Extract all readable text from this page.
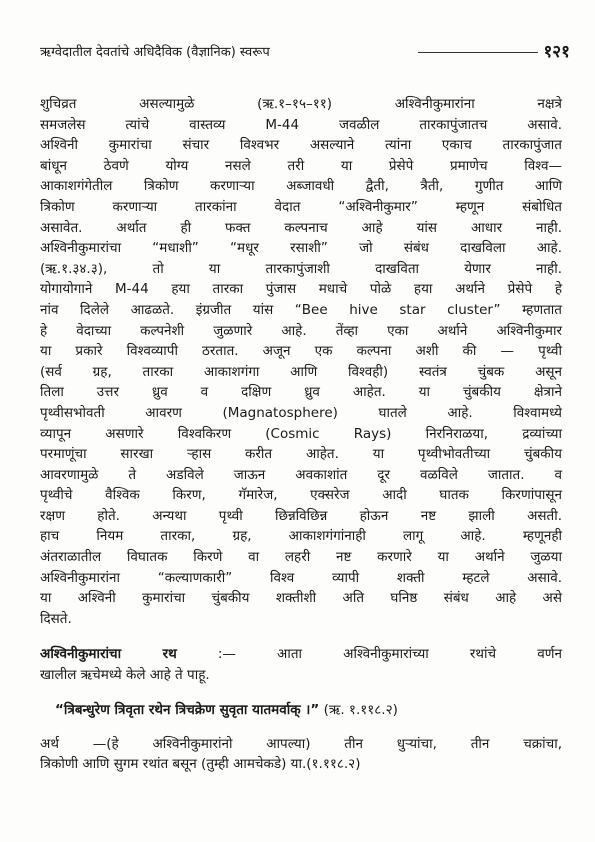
ऋग्वेदातील देवतांचे अधिदैविक (वैज्ञानिक) स्वरूप	१२१
शुचिव्रत असल्यामुळे (ऋ.१–१५–११) अश्विनीकुमारांना नक्षत्रे
समजलेस त्यांचे वास्तव्य M-44 जवळील तारकापुंजातच असावे.
अश्विनी कुमारांचा संचार विश्वभर असल्याने त्यांना एकाच तारकापुंजात
बांधून ठेवणे योग्य नसले तरी या प्रेसेपे प्रमाणेच विश्व—
आकाशगंगेतील त्रिकोण करणाऱ्या अब्जावधी द्वैती, त्रैती, गुणीत आणि
त्रिकोण करणाऱ्या तारकांना वेदात “अश्विनीकुमार” म्हणून संबोधित
असावेत. अर्थात ही फक्त कल्पनाच आहे यांस आधार नाही.
अश्विनीकुमारांचा “मधाशी” “मधूर रसाशी” जो संबंध दाखविला आहे.
(ऋ.१.३४.३), तो या तारकापुंजाशी दाखविता येणार नाही.
योगायोगाने M-44 हया तारका पुंजास मधाचे पोळे हया अर्थाने प्रेसेपे हे
नांव दिलेले आढळते. इंग्रजीत यांस “Bee hive star cluster” म्हणतात
हे वेदाच्या कल्पनेशी जुळणारे आहे. तेंव्हा एका अर्थाने अश्विनीकुमार
या प्रकारे विश्वव्यापी ठरतात. अजून एक कल्पना अशी की — पृथ्वी
(सर्व ग्रह, तारका आकाशगंगा आणि विश्वही) स्वतंत्र चुंबक असून
तिला उत्तर ध्रुव व दक्षिण ध्रुव आहेत. या चुंबकीय क्षेत्राने
पृथ्वीसभोवती आवरण (Magnatosphere) घातले आहे. विश्वामध्ये
व्यापून असणारे विश्वकिरण (Cosmic Rays) निरनिराळया, द्रव्यांच्या
परमाणूंचा सारखा ऱ्हास करीत आहेत. या पृथ्वीभोवतीच्या चुंबकीय
आवरणामुळे ते अडविले जाऊन अवकाशांत दूर वळविले जातात. व
पृथ्वीचे वैश्विक किरण, गॅमारेज, एक्सरेज आदी घातक किरणांपासून
रक्षण होते. अन्यथा पृथ्वी छिन्नविछिन्न होऊन नष्ट झाली असती.
हाच नियम तारका, ग्रह, आकाशगंगांनाही लागू आहे. म्हणूनही
अंतराळातील विघातक किरणे वा लहरी नष्ट करणारे या अर्थाने जुळया
अश्विनीकुमारांना “कल्याणकारी” विश्व व्यापी शक्ती म्हटले असावे.
या अश्विनी कुमारांचा चुंबकीय शक्तीशी अति घनिष्ठ संबंध आहे असे
दिसते.
अश्विनीकुमारांचा रथ :— आता अश्विनीकुमारांच्या रथांचे वर्णन
खालील ऋचेमध्ये केले आहे ते पाहू.
“त्रिबन्धुरेण त्रिवृता रथेन त्रिचक्रेण सुवृता यातमर्वाक् ।” (ऋ. १.११८.२)
अर्थ —(हे अश्विनीकुमारांनो आपल्या) तीन धुऱ्यांचा, तीन चक्रांचा,
त्रिकोणी आणि सुगम रथांत बसून (तुम्ही आमचेकडे) या.(१.११८.२)
